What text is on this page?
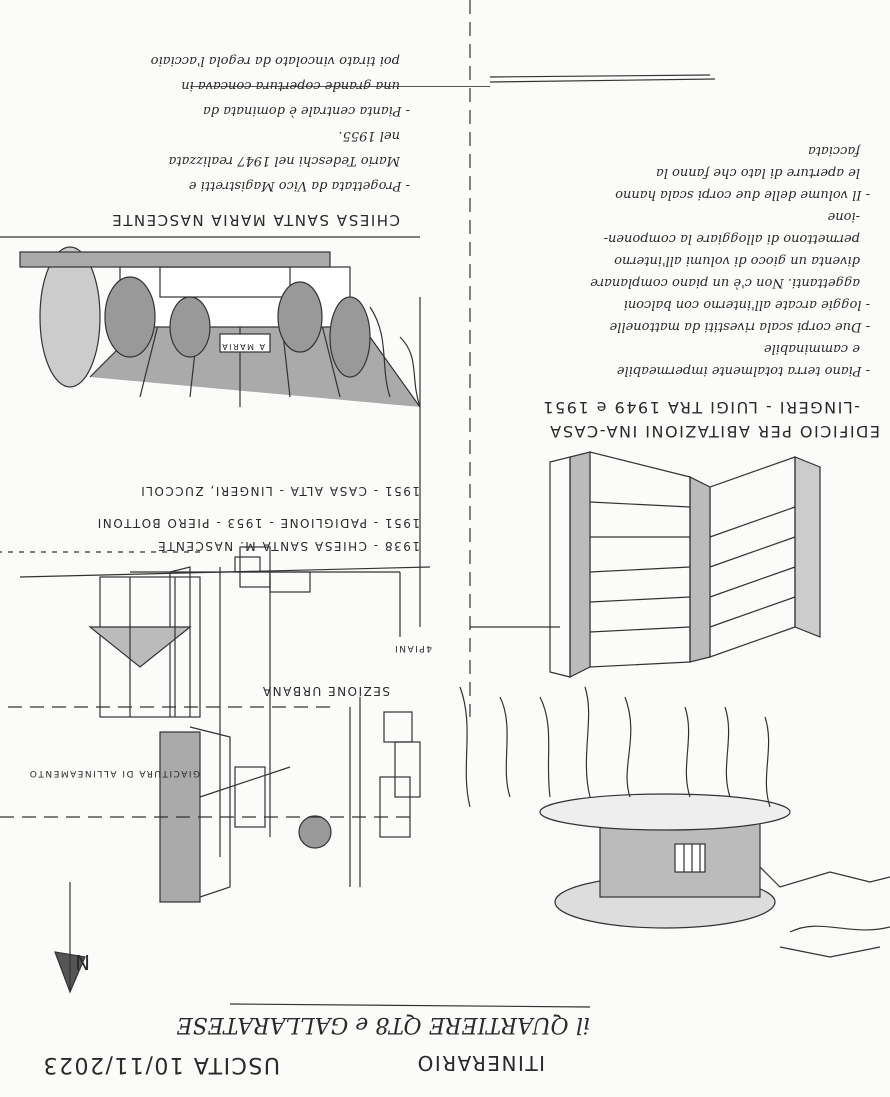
USCITA 10/11/2023	ITINERARIO
il QUARTIERE QT8 e GALLARATESE
N
SEZIONE URBANA
GIACITURA DI ALLINEAMENTO
4PIANI
1938 - CHIESA SANTA M. NASCENTE
1951 - PADIGLIONE - 1953 - PIERO BOTTONI
1951 - CASA ALTA - LINGERI, ZUCCOLI
EDIFICIO PER ABITAZIONI INA-CASA
-LINGERI - LUIGI TRA 1949 e 1951
- Piano terra totalmente impermeabile
e camminabile
- Due corpi scala rivestiti da mattonelle
- loggie arcate all'interno con balconi
aggettanti. Non c'è un piano complanare
diventa un gioco di volumi all'interno
permettono di alloggiare la componen-
-ione
- Il volume delle due corpi scala hanno
le aperture di lato che fanno la
facciata
CHIESA SANTA MARIA NASCENTE
A MARIA
- Progettata da Vico Magistretti e
Mario Tedeschi nel 1947 realizzata
nel 1955.
- Pianta centrale è dominata da
una grande copertura concava in
poi tirato vincolato da regola l'acciaio
